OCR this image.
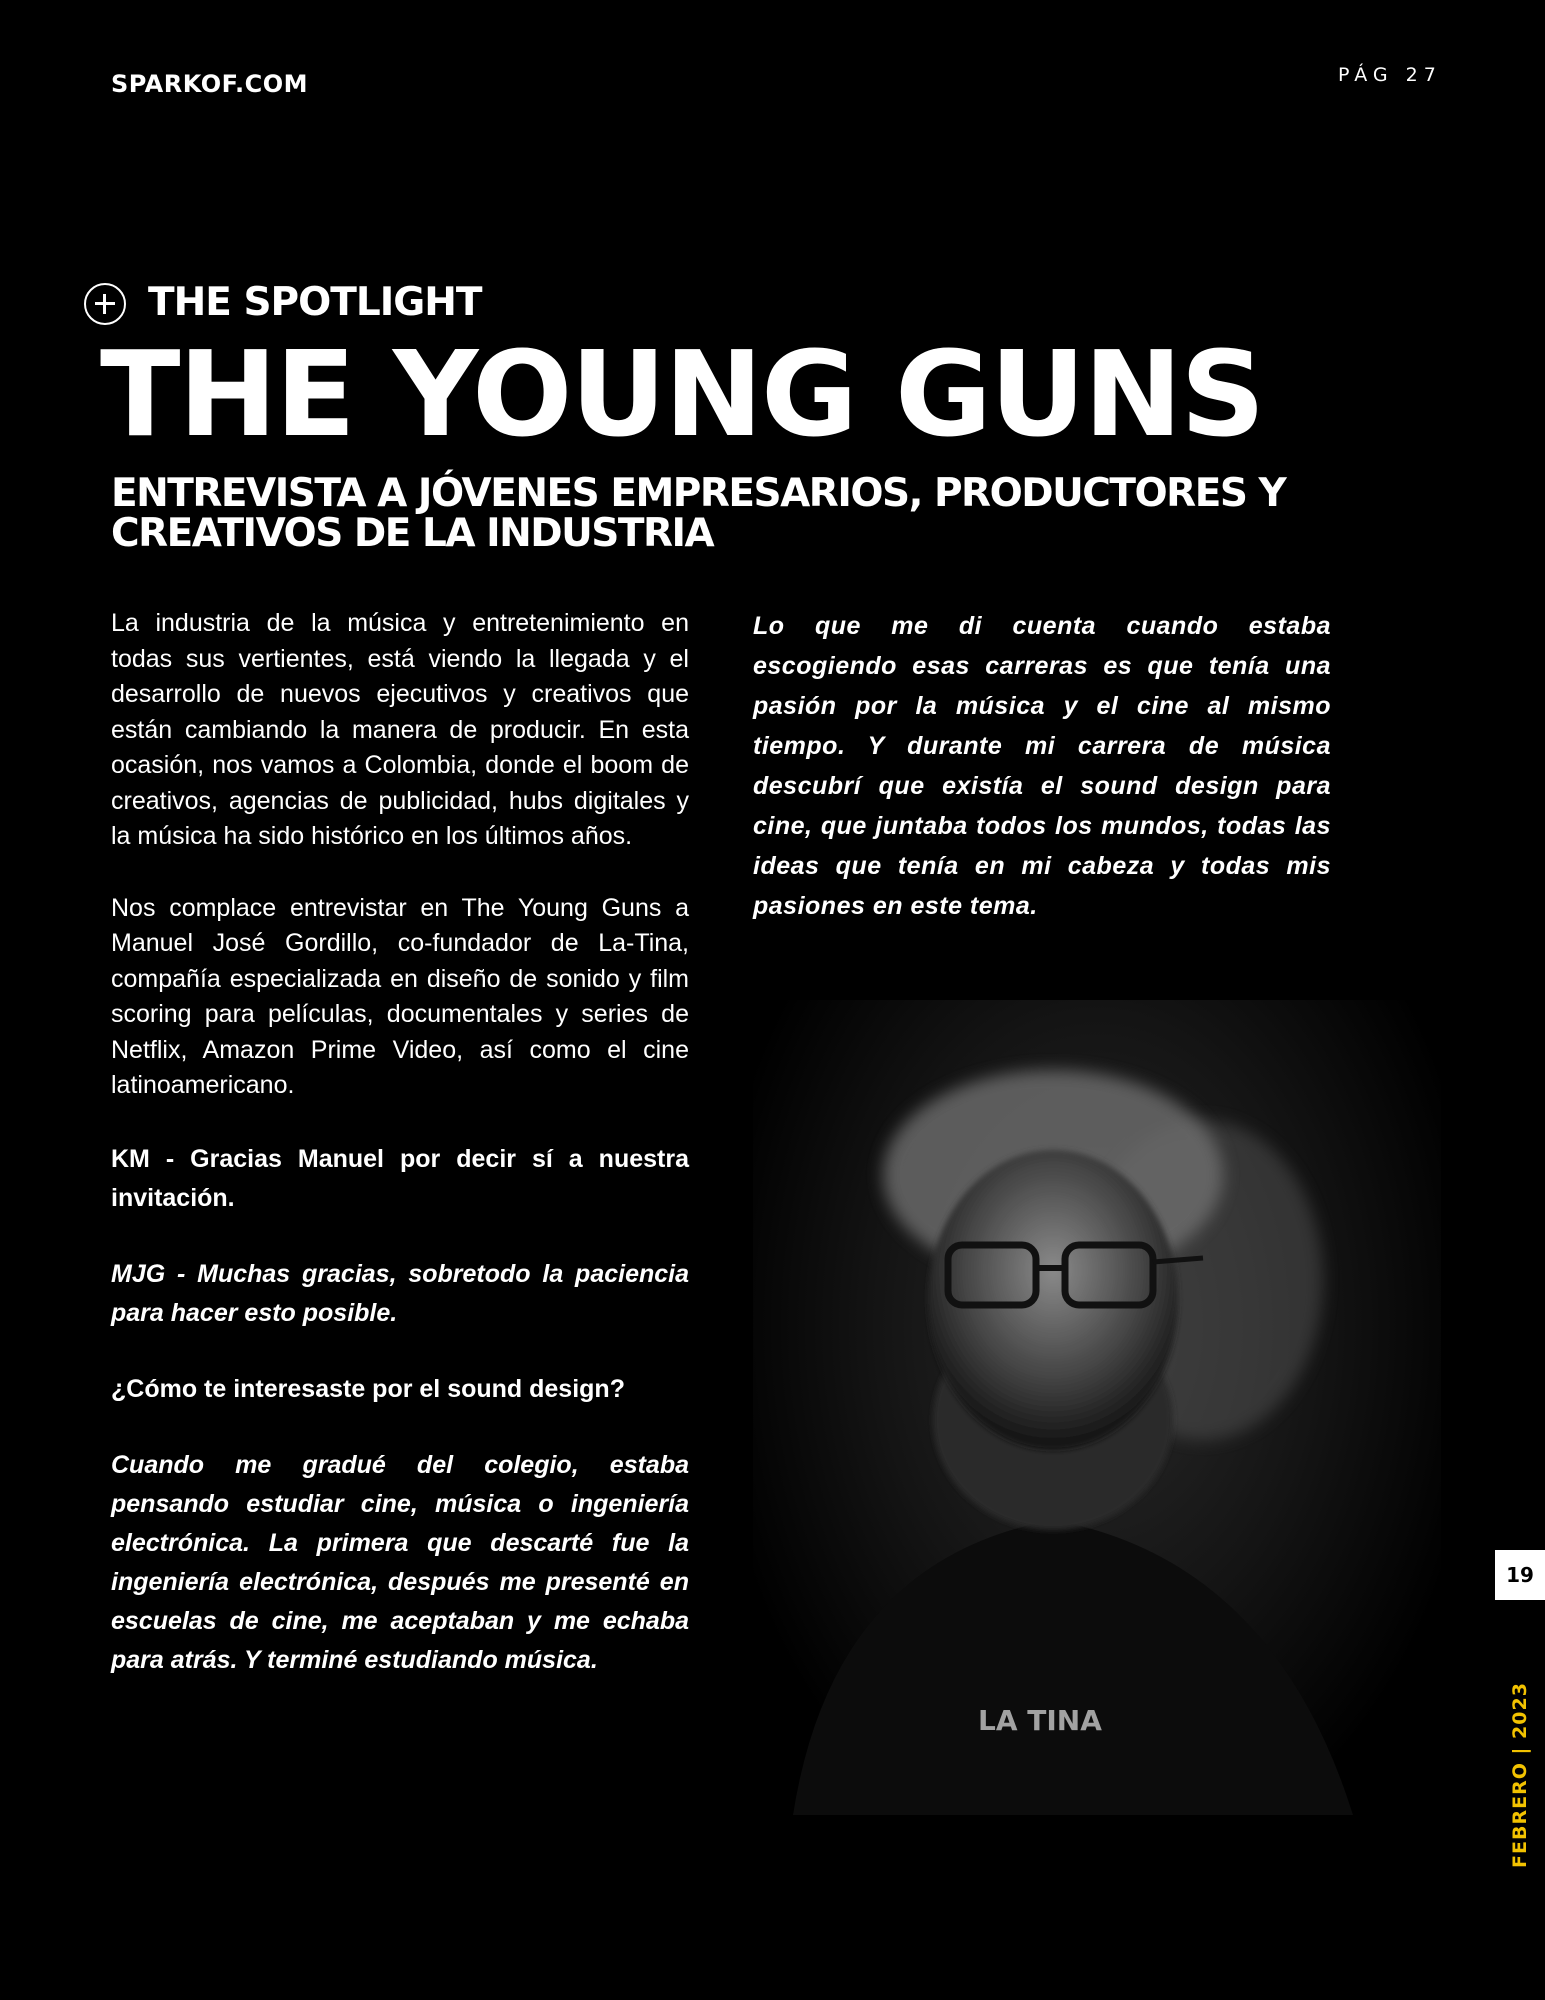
SPARKOF.COM	PÁG 27
THE SPOTLIGHT
THE YOUNG GUNS
ENTREVISTA A JÓVENES EMPRESARIOS, PRODUCTORES Y CREATIVOS DE LA INDUSTRIA

La industria de la música y entretenimiento en todas sus vertientes, está viendo la llegada y el desarrollo de nuevos ejecutivos y creativos que están cambiando la manera de producir. En esta ocasión, nos vamos a Colombia, donde el boom de creativos, agencias de publicidad, hubs digitales y la música ha sido histórico en los últimos años.

Nos complace entrevistar en The Young Guns a Manuel José Gordillo, co-fundador de La-Tina, compañía especializada en diseño de sonido y film scoring para películas, documentales y series de Netflix, Amazon Prime Video, así como el cine latinoamericano.

KM - Gracias Manuel por decir sí a nuestra invitación.

MJG - Muchas gracias, sobretodo la paciencia para hacer esto posible.

¿Cómo te interesaste por el sound design?

Cuando me gradué del colegio, estaba pensando estudiar cine, música o ingeniería electrónica. La primera que descarté fue la ingeniería electrónica, después me presenté en escuelas de cine, me aceptaban y me echaba para atrás. Y terminé estudiando música.

Lo que me di cuenta cuando estaba escogiendo esas carreras es que tenía una pasión por la música y el cine al mismo tiempo. Y durante mi carrera de música descubrí que existía el sound design para cine, que juntaba todos los mundos, todas las ideas que tenía en mi cabeza y todas mis pasiones en este tema.

LA TINA
19
FEBRERO | 2023
